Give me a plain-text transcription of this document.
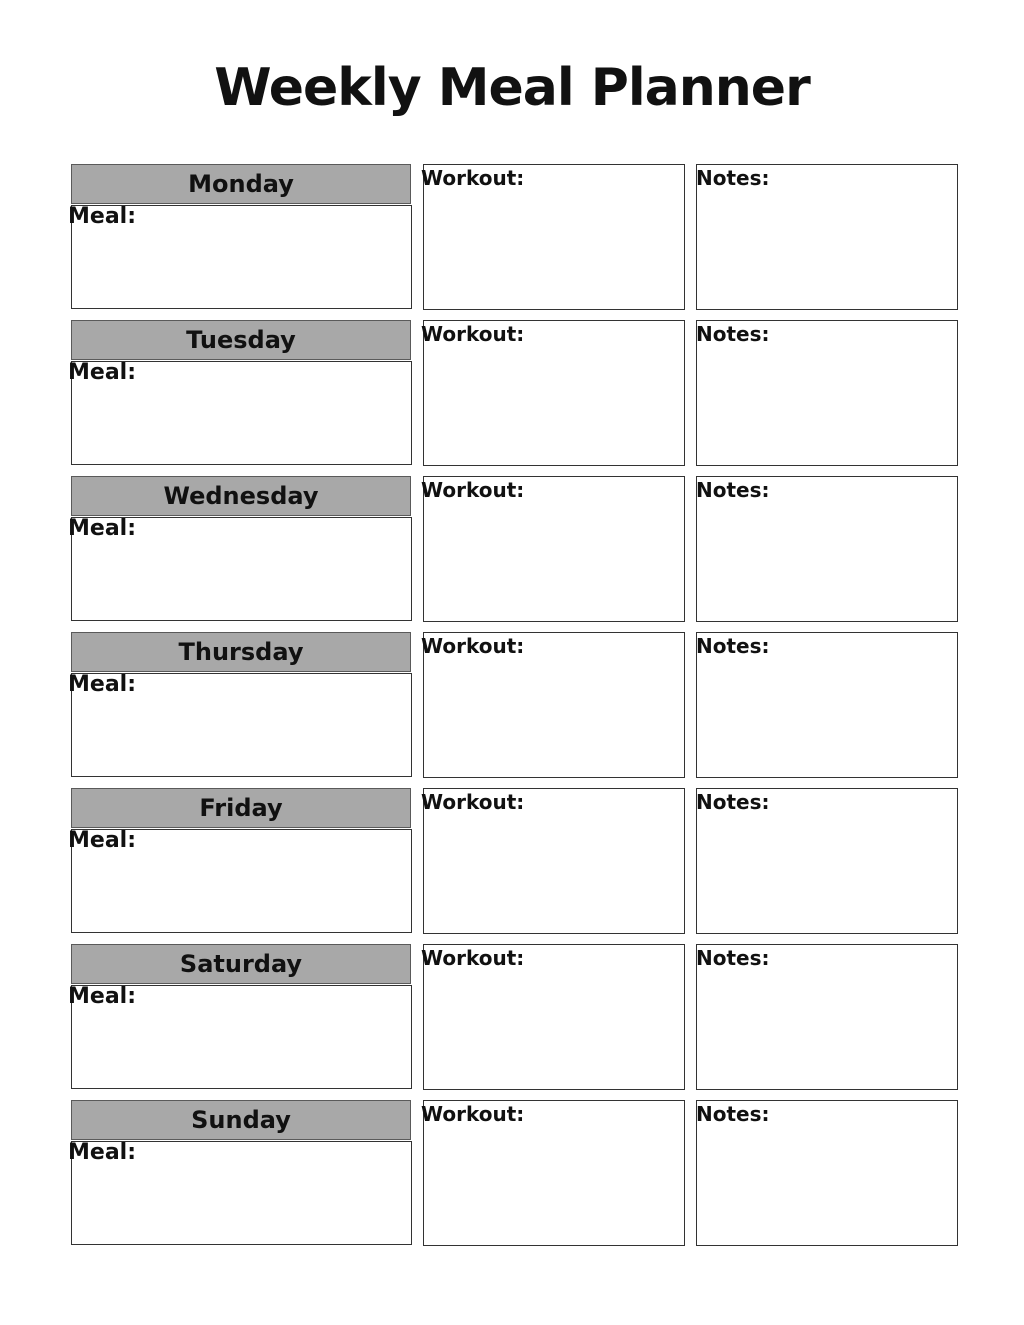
Weekly Meal Planner
Monday
Meal:
Workout:	Notes:
Tuesday
Meal:
Workout:	Notes:
Wednesday
Meal:
Workout:	Notes:
Thursday
Meal:
Workout:	Notes:
Friday
Meal:
Workout:	Notes:
Saturday
Meal:
Workout:	Notes:
Sunday
Meal:
Workout:	Notes:
